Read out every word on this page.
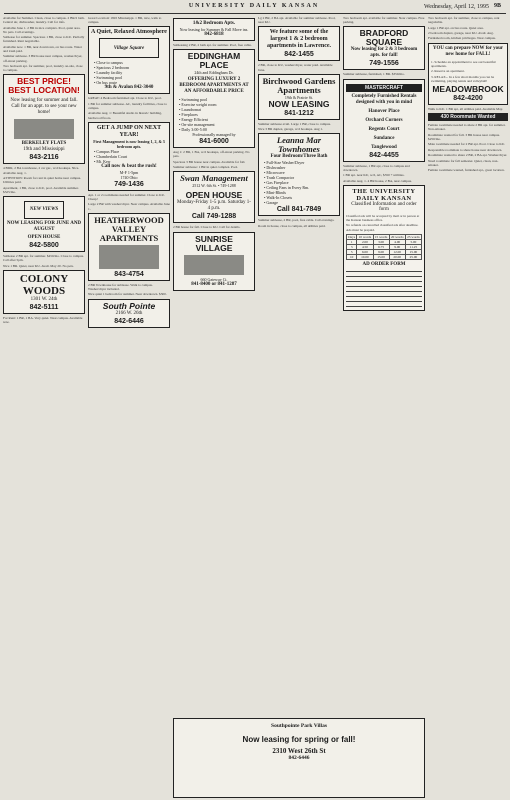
9B
UNIVERSITY DAILY KANSAN	Wednesday, April 12, 1995

Available for Summer. Clean, close to campus. 2 BR/2 bath. Central air, dishwasher, laundry. Call for info.

Available June 1. 2 BR in nice complex. Pool, quiet area. No pets. Call evenings.

Sublease for summer. Spacious 1 BR, close to KU. Partially furnished. Rent negotiable.

Available now. 1 BR, near downtown, on bus route. Water and trash paid.

Summer sublease. 3 BR house near campus, washer/dryer, off-street parking.

Two bedroom apt. for summer, pool, laundry on-site, close to campus.

BEST PRICE!
BEST LOCATION!
Now leasing for summer and fall. Call for an appt. to see your new home!
BERKELEY FLATS
19th and Mississippi
843-2116

4 BDR, 2 BA townhouse, 2 car gar., w/d hookups. Nice. Available Aug. 1.

ATTENTION: Room for rent in quiet home near campus. Utilities paid.

Apartment, 1 BR, close to KU, pool. Available summer. $325/mo.

NEW VIEWS
NOW LEASING FOR JUNE AND AUGUST
OPEN HOUSE
842-5800

Sublease 2 BR apt. for summer. $450/mo. Close to campus. Call after 5pm.

Nice 1 BR. Quiet, near KU. Avail. May 20. No pets.

COLONY WOODS
1301 W. 24th
842-5111

For Rent: 1 BR, 1 BA. Very quiet. Near campus. Available now.

Great Location! 1845 Mississippi. 1 BR, nice, walk to campus.

A Quiet, Relaxed Atmosphere
Village Square
• Close to campus
• Spacious 2 bedroom
• Laundry facility
• Swimming pool
• On bus route
9th & Avalon 842-3040

GREAT: 4 Bedroom furnished apt. Close to KU, pool.

1 BR for summer sublease. AC, laundry facilities, close to campus.

Available Aug. 1: Beautiful studio in historic building, hardwood floors.

GET A JUMP ON NEXT YEAR!
First Management is now leasing 1, 2, & 3 bedroom apts.
• Campus Place
• Chamberlain Court
• Mt. Kerr
Call now & beat the rush!
M-F 1-5pm
1740 Ohio
749-1436

Apt. 1 or 2 roommates needed for summer. Close to KU. Cheap!

Large 2 BR with washer/dryer. Near campus. Available June 1.

HEATHERWOOD VALLEY APARTMENTS
843-4754

2 BR Townhouse for sublease. Walk to campus. Washer/dryer included.

Nice quiet 1 bedroom for summer. Near downtown. $300.

South Pointe
2166 W. 26th
842-6446
1&2 Bedroom Apts.
Now leasing for Summer & Fall Move ins.
842-6818

Subleasing 2 BR, 2 bath apt. for summer. Pool, free cable.

EDDINGHAM PLACE
24th and Eddingham Dr.
OFFERING LUXURY 2 BEDROOM APARTMENTS AT AN AFFORDABLE PRICE
• Swimming pool
• Exercise weight room
• Laundromat
• Fireplaces
• Energy Efficient
• On-site management
• Daily 3:00-5:00
Professionally managed by
841-6000

Aug 1: 2 BR, 1 BA, w/d hookups, off-street parking. No pets.

Spacious 3 BR house near campus. Available for fall.

Summer sublease: 1 BR in quiet complex. Pool.

Swan Management
2512 W. 6th St. • 749-1288
OPEN HOUSE
Monday-Friday 1-5 p.m. Saturday 1-4 p.m.
Call 749-1288

2 BR house for fall. Close to KU. Call for details.

SUNRISE VILLAGE
660 Gateway Ct.
841-8400 or 841-1287

Lg 2 BR, 2 BA apt. Available for summer sublease. Pool, near KU.

We feature some of the largest 1 & 2 bedroom apartments in Lawrence.
842-1455

2 BR, close to KU, washer/dryer, water paid. Available June.

Birchwood Gardens Apartments
19th & Prairie St.
NOW LEASING
841-1212

Summer sublease avail. Large 1 BR, close to campus.

Nice 3 BR duplex, garage, w/d hookups. Aug 1.

Leanna Mar Townhomes
Four Bedroom/Three Bath
• Full-Size Washer/Dryer
• Dishwasher
• Microwave
• Trash Compactor
• Gas Fireplace
• Ceiling Fans in Every Rm.
• Mini-Blinds
• Walk-In Closets
• Garage
Call 841-7849

Summer sublease, 2 BR, pool, free cable. Call evenings.

Room in house, close to campus, all utilities paid.

Two bedroom apt. available for summer. Near campus. Free parking.

BRADFORD SQUARE
Now leasing for 2 & 3 bedroom apts. for fall!
749-1556

Summer sublease, furnished, 1 BR. $350/mo.

MASTERCRAFT
Completely Furnished Rentals designed with you in mind
Hanover Place
Orchard Corners
Regents Court
Sundance
Tanglewood
842-4455

Summer sublease, 1 BR apt, close to campus and downtown.

1 BR apt. near KU, w/d, AC, $350 + utilities.

Available Aug. 1. 4 BR house, 2 BA, near campus.

THE UNIVERSITY DAILY KANSAN
Classified Information and order form

Classified ads will be accepted by mail or in person at the Kansan business office.

No refunds on cancelled classified ads after deadline. Ads must be prepaid.

Days	10 words	15 words	20 words	25 words
1	2.00	3.00	4.00	5.00
3	4.50	6.75	9.00	11.25
5	6.00	9.00	12.00	15.00
10	10.00	15.00	20.00	25.00
AD ORDER FORM

Two bedroom apt. for summer, close to campus, rent negotiable.

Large 1 BR apt. on bus route. Quiet area.

2 bedroom duplex, garage, near KU. Avail. Aug.

Furnished room, kitchen privileges. Near campus.

YOU can prepare NOW for your new home for FALL!

1. Schedule an appointment to see our beautiful apartments.

2. Reserve an apartment.

3. RELAX... In a few short months you can be swimming, playing tennis and volleyball!

MEADOWBROOK
842-4200

Walk to KU. 1 BR apt, all utilities paid. Available May.

430 Roommate Wanted

Female roommate needed to share 2 BR apt. for summer. Non-smoker.

Roommate wanted for fall. 3 BR house near campus. $250/mo.

Male roommate needed for 2 BR apt. Pool. Close to KU.

Responsible roommate to share house near downtown.

Roommate wanted to share 2 BR, 2 BA apt. Washer/dryer.

Need roommate for fall semester. Quiet, clean, non-smoker.

Female roommate wanted, furnished apt., great location.

Southpointe Park Villas
Now leasing for spring or fall!
2310 West 26th St
842-6446
